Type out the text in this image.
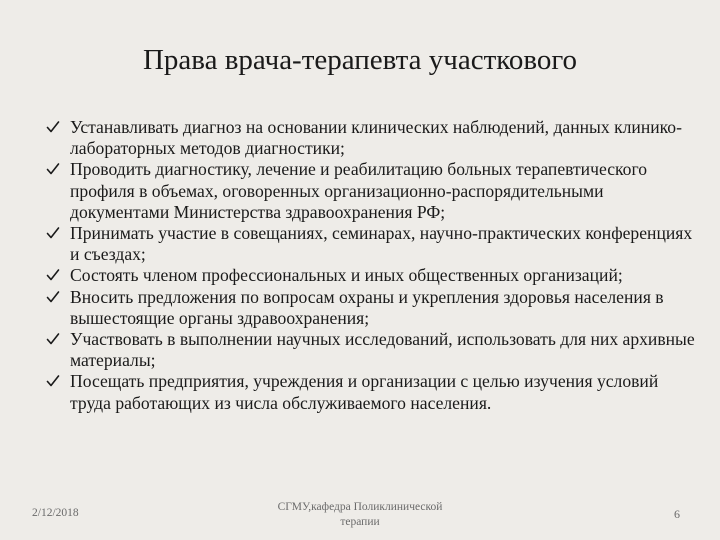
Права врача-терапевта участкового
Устанавливать диагноз на основании клинических наблюдений, данных клинико-лабораторных методов диагностики;
Проводить диагностику, лечение и реабилитацию больных терапевтического профиля в объемах, оговоренных организационно-распорядительными документами Министерства здравоохранения РФ;
Принимать участие в совещаниях, семинарах, научно-практических конференциях и съездах;
Состоять членом профессиональных и иных общественных организаций;
Вносить предложения по вопросам охраны и укрепления здоровья населения в вышестоящие органы здравоохранения;
Участвовать в выполнении научных исследований, использовать для них архивные материалы;
Посещать предприятия, учреждения и организации с целью изучения условий труда работающих из числа обслуживаемого населения.
2/12/2018	СГМУ,кафедра Поликлинической терапии
6
